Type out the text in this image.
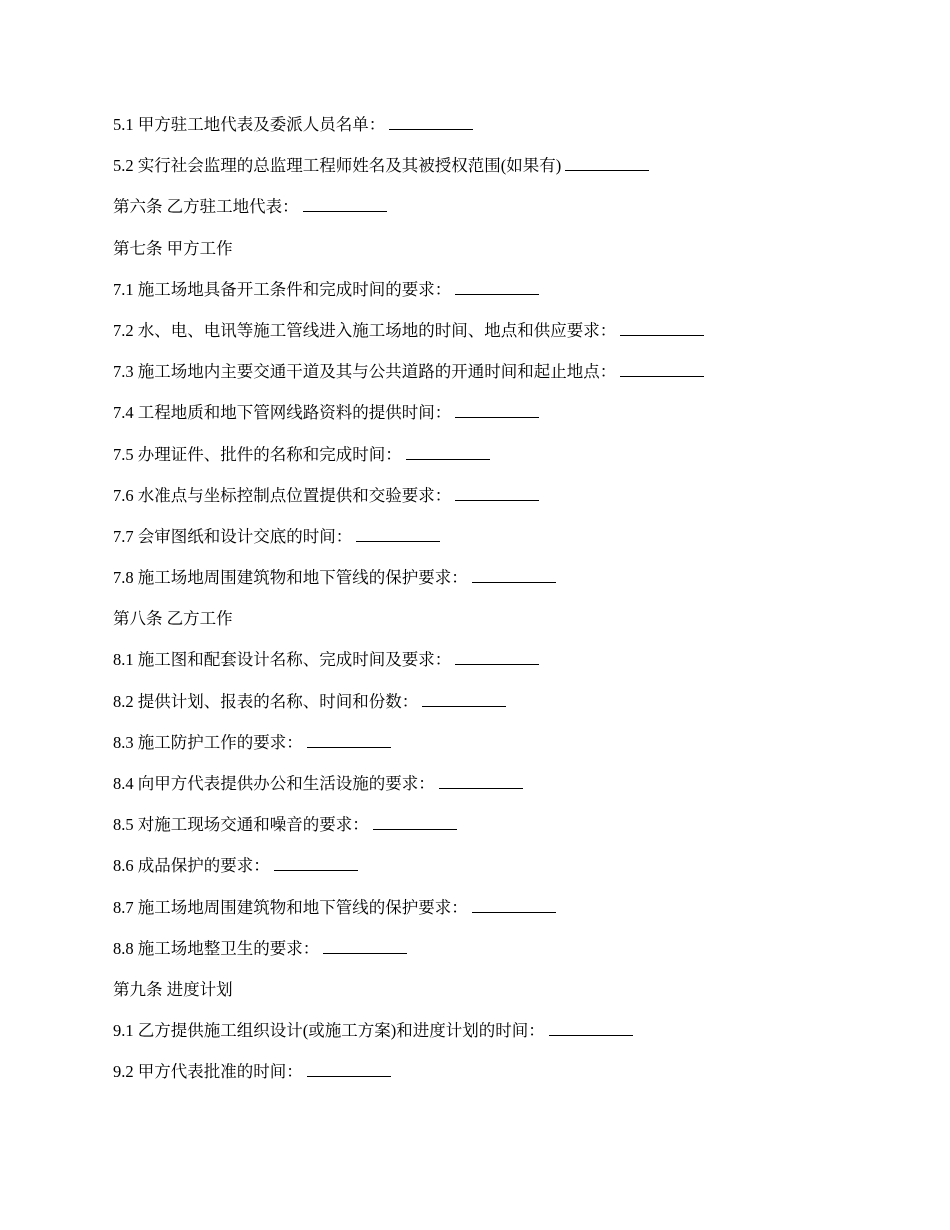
5.1 甲方驻工地代表及委派人员名单：
5.2 实行社会监理的总监理工程师姓名及其被授权范围(如果有)
第六条 乙方驻工地代表：
第七条 甲方工作
7.1 施工场地具备开工条件和完成时间的要求：
7.2 水、电、电讯等施工管线进入施工场地的时间、地点和供应要求：
7.3 施工场地内主要交通干道及其与公共道路的开通时间和起止地点：
7.4 工程地质和地下管网线路资料的提供时间：
7.5 办理证件、批件的名称和完成时间：
7.6 水准点与坐标控制点位置提供和交验要求：
7.7 会审图纸和设计交底的时间：
7.8 施工场地周围建筑物和地下管线的保护要求：
第八条 乙方工作
8.1 施工图和配套设计名称、完成时间及要求：
8.2 提供计划、报表的名称、时间和份数：
8.3 施工防护工作的要求：
8.4 向甲方代表提供办公和生活设施的要求：
8.5 对施工现场交通和噪音的要求：
8.6 成品保护的要求：
8.7 施工场地周围建筑物和地下管线的保护要求：
8.8 施工场地整卫生的要求：
第九条 进度计划
9.1 乙方提供施工组织设计(或施工方案)和进度计划的时间：
9.2 甲方代表批准的时间：
